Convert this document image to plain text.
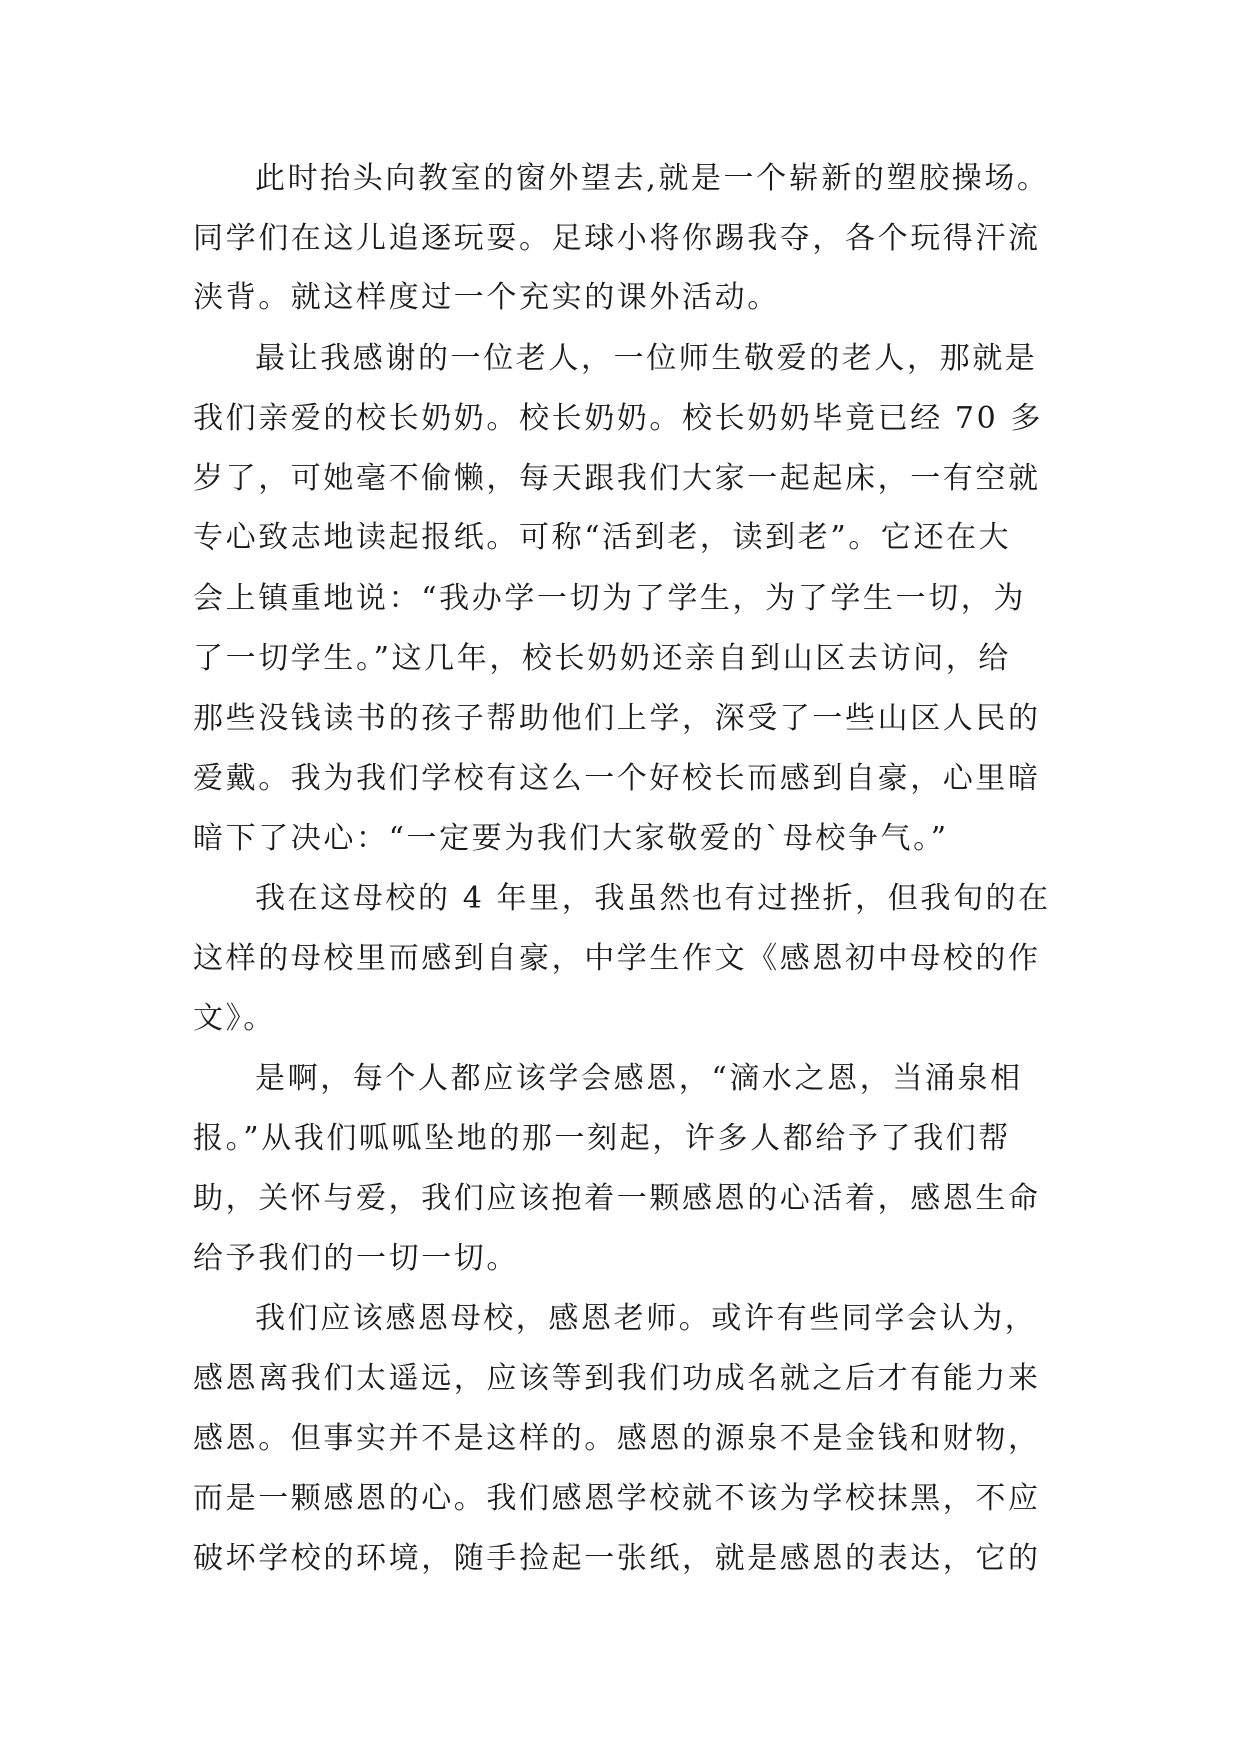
此时抬头向教室的窗外望去,就是一个崭新的塑胶操场。
同学们在这儿追逐玩耍。足球小将你踢我夺，各个玩得汗流
浃背。就这样度过一个充实的课外活动。
最让我感谢的一位老人，一位师生敬爱的老人，那就是
我们亲爱的校长奶奶。校长奶奶。校长奶奶毕竟已经 70 多
岁了，可她毫不偷懒，每天跟我们大家一起起床，一有空就
专心致志地读起报纸。可称“活到老，读到老”。它还在大
会上镇重地说：“我办学一切为了学生，为了学生一切，为
了一切学生。”这几年，校长奶奶还亲自到山区去访问，给
那些没钱读书的孩子帮助他们上学，深受了一些山区人民的
爱戴。我为我们学校有这么一个好校长而感到自豪，心里暗
暗下了决心：“一定要为我们大家敬爱的`母校争气。”
我在这母校的 4 年里，我虽然也有过挫折，但我旬的在
这样的母校里而感到自豪，中学生作文《感恩初中母校的作
文》。
是啊，每个人都应该学会感恩，“滴水之恩，当涌泉相
报。”从我们呱呱坠地的那一刻起，许多人都给予了我们帮
助，关怀与爱，我们应该抱着一颗感恩的心活着，感恩生命
给予我们的一切一切。
我们应该感恩母校，感恩老师。或许有些同学会认为，
感恩离我们太遥远，应该等到我们功成名就之后才有能力来
感恩。但事实并不是这样的。感恩的源泉不是金钱和财物，
而是一颗感恩的心。我们感恩学校就不该为学校抹黑，不应
破坏学校的环境，随手捡起一张纸，就是感恩的表达，它的
